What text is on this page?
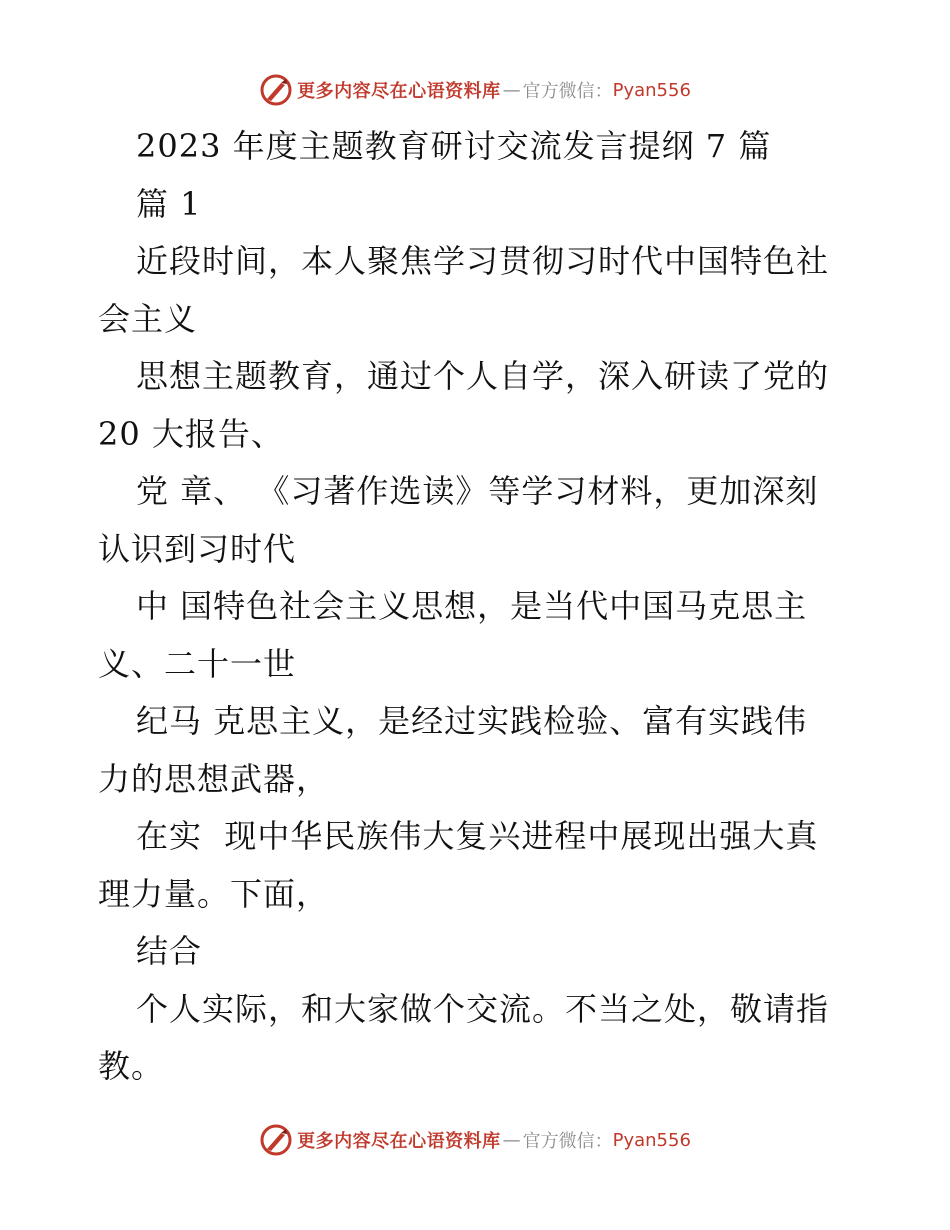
更多内容尽在心语资料库 — 官方微信： Pyan556
2023 年度主题教育研讨交流发言提纲 7 篇
篇 1
近段时间，本人聚焦学习贯彻习时代中国特色社
会主义
思想主题教育，通过个人自学，深入研读了党的
20 大报告、
党 章、 《习著作选读》等学习材料，更加深刻
认识到习时代
中 国特色社会主义思想，是当代中国马克思主
义、二十一世
纪马 克思主义，是经过实践检验、富有实践伟
力的思想武器，
在实  现中华民族伟大复兴进程中展现出强大真
理力量。下面，
结合
个人实际，和大家做个交流。不当之处，敬请指
教。
更多内容尽在心语资料库 — 官方微信： Pyan556
